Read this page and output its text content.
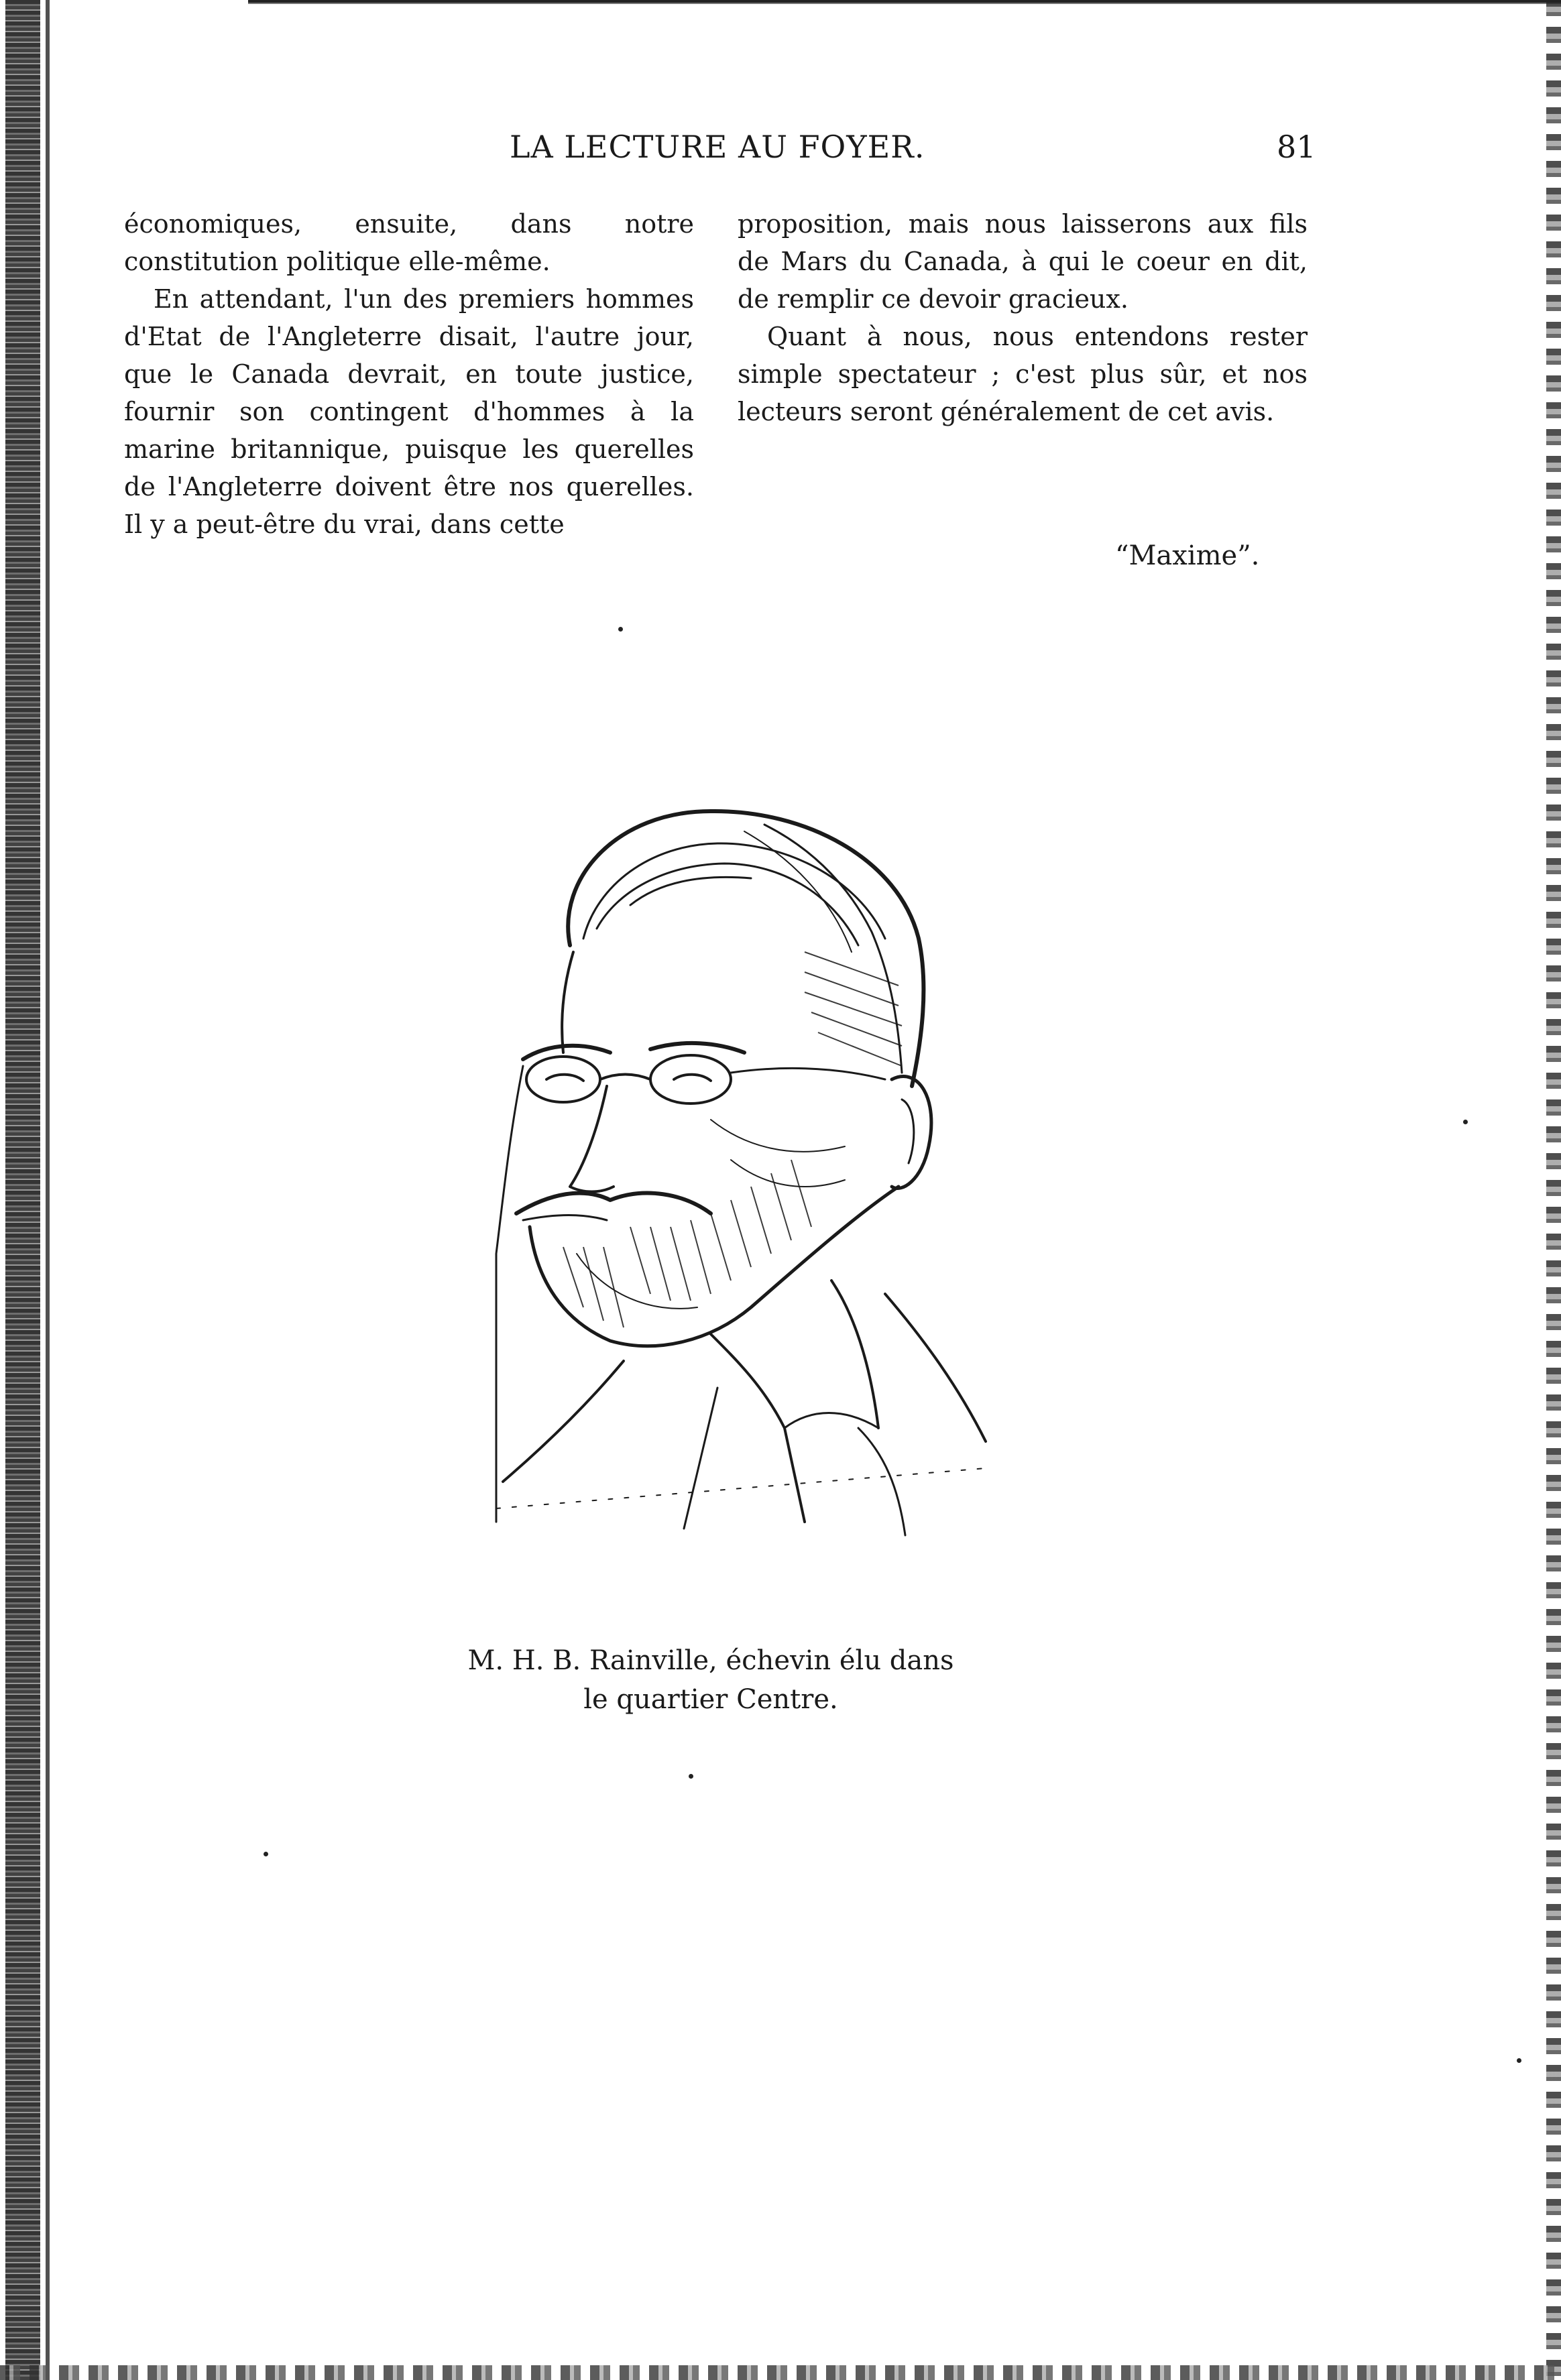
LA LECTURE AU FOYER.	81

économiques, ensuite, dans notre constitution politique elle-même.

En attendant, l'un des premiers hommes d'Etat de l'Angleterre disait, l'autre jour, que le Canada devrait, en toute justice, fournir son contingent d'hommes à la marine britannique, puisque les querelles de l'Angleterre doivent être nos querelles. Il y a peut-être du vrai, dans cette

proposition, mais nous laisserons aux fils de Mars du Canada, à qui le coeur en dit, de remplir ce devoir gracieux.

Quant à nous, nous entendons rester simple spectateur ; c'est plus sûr, et nos lecteurs seront généralement de cet avis.

“Maxime”.
M. H. B. Rainville, échevin élu dans
le quartier Centre.
